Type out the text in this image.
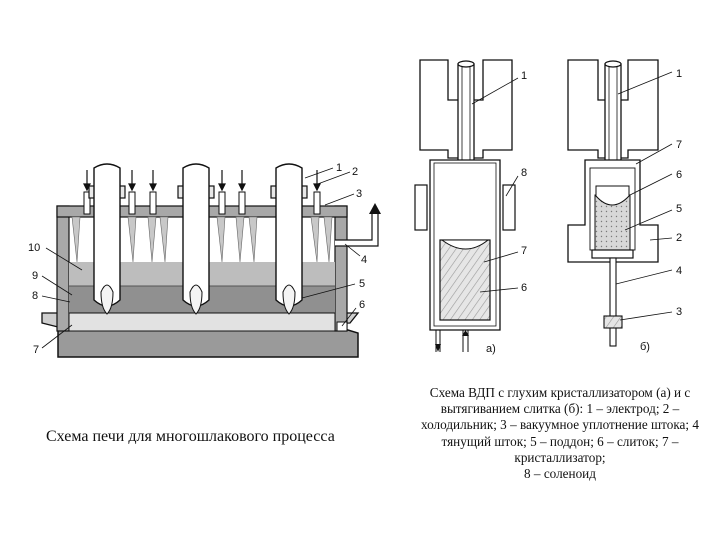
1 2
3
4
5
6
7
8
9
10
1
8
7
6
а)
1
7
6
5
2
4
3
б)
Схема печи для многошлакового процесса
Схема ВДП с глухим кристаллизатором (а) и с
вытягиванием слитка (б): 1 – электрод; 2 –
холодильник; 3 – вакуумное уплотнение штока; 4
тянущий шток; 5 – поддон; 6 – слиток; 7 –
кристаллизатор;
8 – соленоид
